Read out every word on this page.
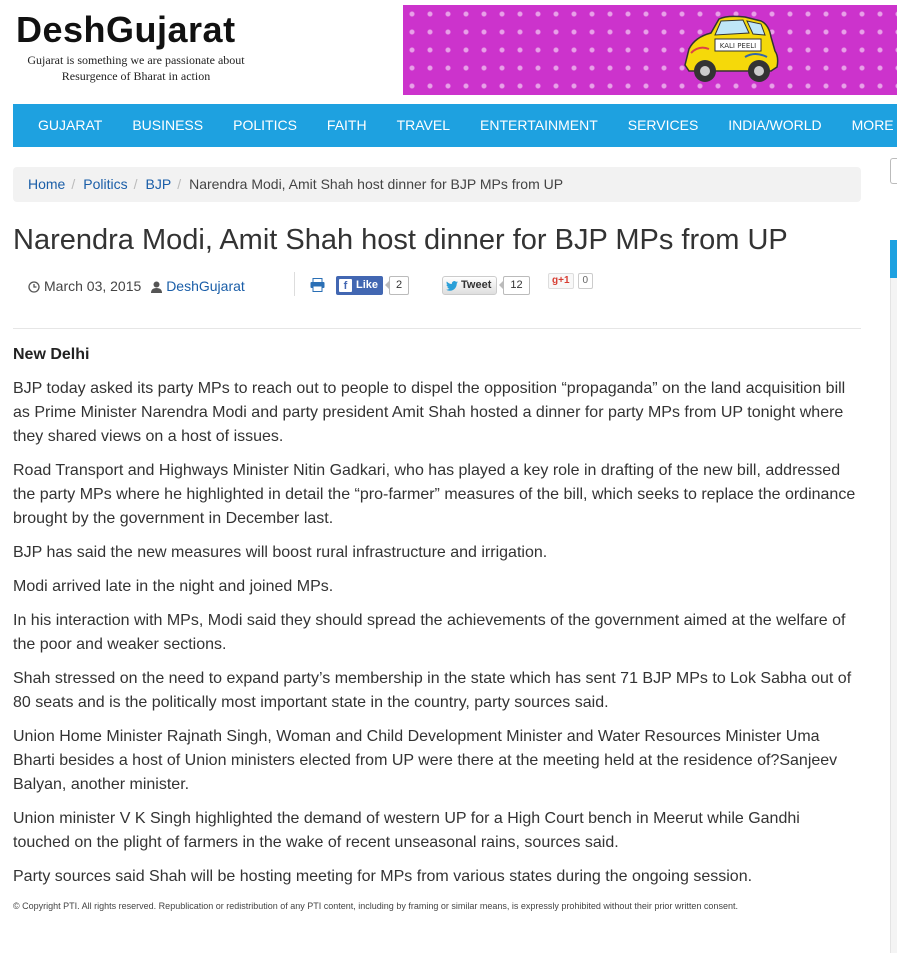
DeshGujarat
Gujarat is something we are passionate about
Resurgence of Bharat in action
KALI PEELI
GUJARAT BUSINESS POLITICS FAITH TRAVEL ENTERTAINMENT SERVICES INDIA/WORLD MORE
Home / Politics / BJP / Narendra Modi, Amit Shah host dinner for BJP MPs from UP
Narendra Modi, Amit Shah host dinner for BJP MPs from UP
March 03, 2015 DeshGujarat	f Like	2	Tweet	12	g+1	0
New Delhi

BJP today asked its party MPs to reach out to people to dispel the opposition “propaganda” on the land acquisition bill as Prime Minister Narendra Modi and party president Amit Shah hosted a dinner for party MPs from UP tonight where they shared views on a host of issues.

Road Transport and Highways Minister Nitin Gadkari, who has played a key role in drafting of the new bill, addressed the party MPs where he highlighted in detail the “pro-farmer” measures of the bill, which seeks to replace the ordinance brought by the government in December last.

BJP has said the new measures will boost rural infrastructure and irrigation.

Modi arrived late in the night and joined MPs.

In his interaction with MPs, Modi said they should spread the achievements of the government aimed at the welfare of the poor and weaker sections.

Shah stressed on the need to expand party’s membership in the state which has sent 71 BJP MPs to Lok Sabha out of 80 seats and is the politically most important state in the country, party sources said.

Union Home Minister Rajnath Singh, Woman and Child Development Minister and Water Resources Minister Uma Bharti besides a host of Union ministers elected from UP were there at the meeting held at the residence of?Sanjeev Balyan, another minister.

Union minister V K Singh highlighted the demand of western UP for a High Court bench in Meerut while Gandhi touched on the plight of farmers in the wake of recent unseasonal rains, sources said.

Party sources said Shah will be hosting meeting for MPs from various states during the ongoing session.

© Copyright PTI. All rights reserved. Republication or redistribution of any PTI content, including by framing or similar means, is expressly prohibited without their prior written consent.
